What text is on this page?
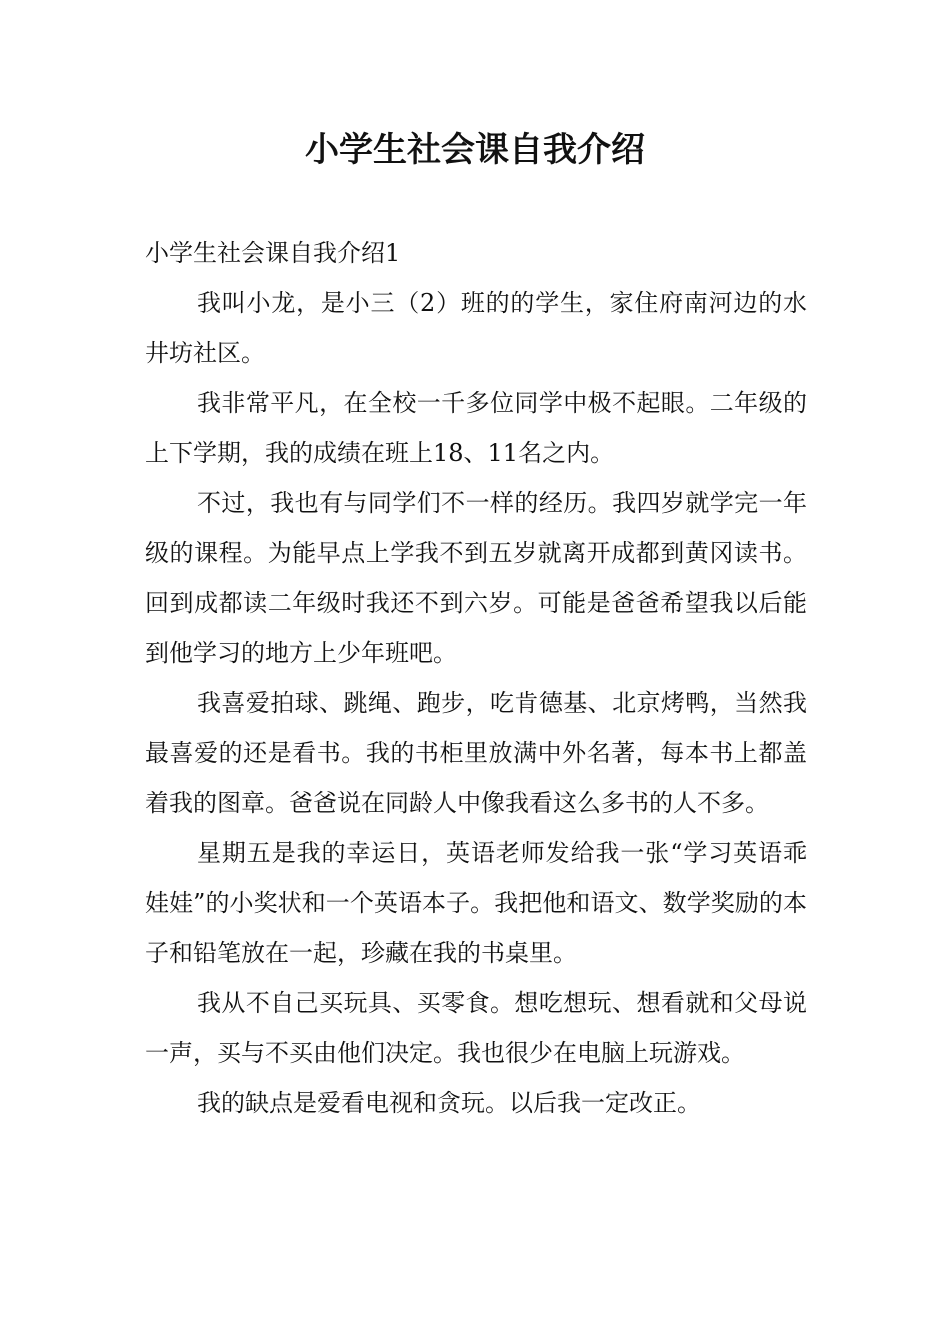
小学生社会课自我介绍

小学生社会课自我介绍1

我叫小龙，是小三（2）班的的学生，家住府南河边的水井坊社区。

我非常平凡，在全校一千多位同学中极不起眼。二年级的上下学期，我的成绩在班上18、11名之内。

不过，我也有与同学们不一样的经历。我四岁就学完一年级的课程。为能早点上学我不到五岁就离开成都到黄冈读书。回到成都读二年级时我还不到六岁。可能是爸爸希望我以后能到他学习的地方上少年班吧。

我喜爱拍球、跳绳、跑步，吃肯德基、北京烤鸭，当然我最喜爱的还是看书。我的书柜里放满中外名著，每本书上都盖着我的图章。爸爸说在同龄人中像我看这么多书的人不多。

星期五是我的幸运日，英语老师发给我一张“学习英语乖娃娃”的小奖状和一个英语本子。我把他和语文、数学奖励的本子和铅笔放在一起，珍藏在我的书桌里。

我从不自己买玩具、买零食。想吃想玩、想看就和父母说一声，买与不买由他们决定。我也很少在电脑上玩游戏。

我的缺点是爱看电视和贪玩。以后我一定改正。
